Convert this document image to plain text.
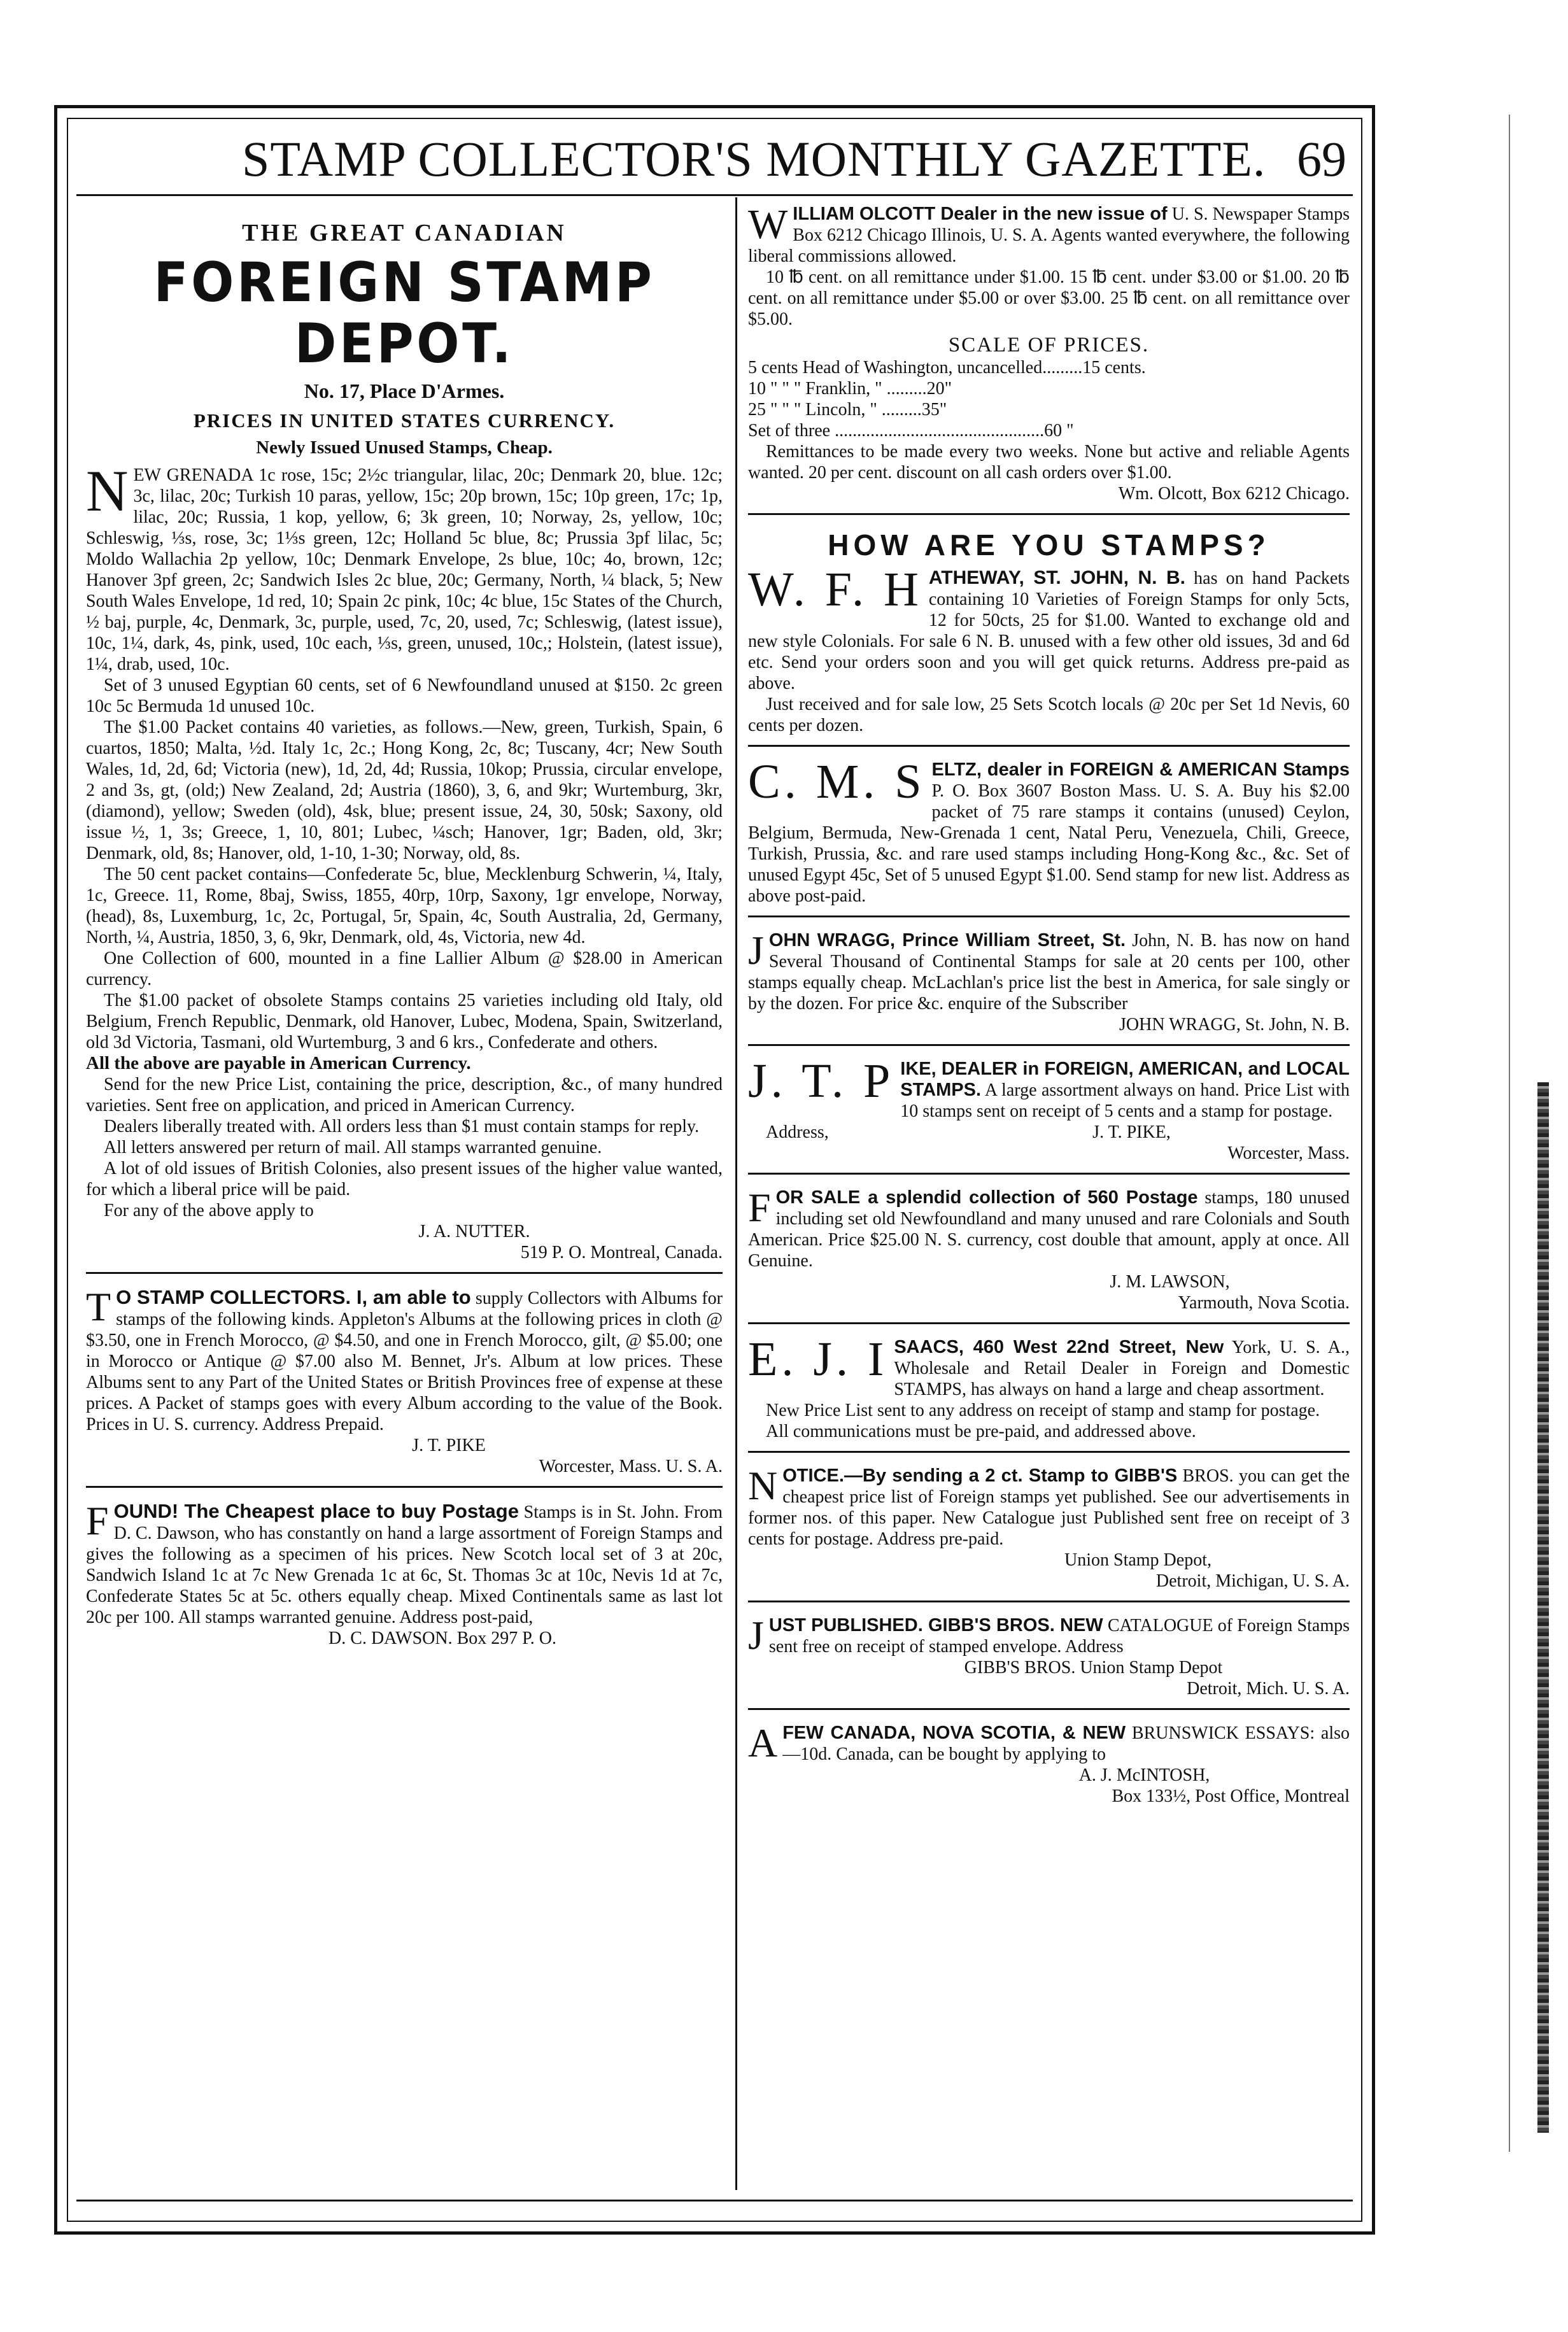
STAMP COLLECTOR'S MONTHLY GAZETTE. 69
THE GREAT CANADIAN
FOREIGN STAMP DEPOT.
No. 17, Place D'Armes.
PRICES IN UNITED STATES CURRENCY.
Newly Issued Unused Stamps, Cheap.

NEW GRENADA 1c rose, 15c; 2½c triangular, lilac, 20c; Denmark 20, blue. 12c; 3c, lilac, 20c; Turkish 10 paras, yellow, 15c; 20p brown, 15c; 10p green, 17c; 1p, lilac, 20c; Russia, 1 kop, yellow, 6; 3k green, 10; Norway, 2s, yellow, 10c; Schleswig, ⅓s, rose, 3c; 1⅓s green, 12c; Holland 5c blue, 8c; Prussia 3pf lilac, 5c; Moldo Wallachia 2p yellow, 10c; Denmark Envelope, 2s blue, 10c; 4o, brown, 12c; Hanover 3pf green, 2c; Sandwich Isles 2c blue, 20c; Germany, North, ¼ black, 5; New South Wales Envelope, 1d red, 10; Spain 2c pink, 10c; 4c blue, 15c States of the Church, ½ baj, purple, 4c, Denmark, 3c, purple, used, 7c, 20, used, 7c; Schleswig, (latest issue), 10c, 1¼, dark, 4s, pink, used, 10c each, ⅓s, green, unused, 10c,; Holstein, (latest issue), 1¼, drab, used, 10c.

Set of 3 unused Egyptian 60 cents, set of 6 Newfoundland unused at $150. 2c green 10c 5c Bermuda 1d unused 10c.

The $1.00 Packet contains 40 varieties, as follows.—New, green, Turkish, Spain, 6 cuartos, 1850; Malta, ½d. Italy 1c, 2c.; Hong Kong, 2c, 8c; Tuscany, 4cr; New South Wales, 1d, 2d, 6d; Victoria (new), 1d, 2d, 4d; Russia, 10kop; Prussia, circular envelope, 2 and 3s, gt, (old;) New Zealand, 2d; Austria (1860), 3, 6, and 9kr; Wurtemburg, 3kr, (diamond), yellow; Sweden (old), 4sk, blue; present issue, 24, 30, 50sk; Saxony, old issue ½, 1, 3s; Greece, 1, 10, 801; Lubec, ¼sch; Hanover, 1gr; Baden, old, 3kr; Denmark, old, 8s; Hanover, old, 1-10, 1-30; Norway, old, 8s.

The 50 cent packet contains—Confederate 5c, blue, Mecklenburg Schwerin, ¼, Italy, 1c, Greece. 11, Rome, 8baj, Swiss, 1855, 40rp, 10rp, Saxony, 1gr envelope, Norway, (head), 8s, Luxemburg, 1c, 2c, Portugal, 5r, Spain, 4c, South Australia, 2d, Germany, North, ¼, Austria, 1850, 3, 6, 9kr, Denmark, old, 4s, Victoria, new 4d.

One Collection of 600, mounted in a fine Lallier Album @ $28.00 in American currency.

The $1.00 packet of obsolete Stamps contains 25 varieties including old Italy, old Belgium, French Republic, Denmark, old Hanover, Lubec, Modena, Spain, Switzerland, old 3d Victoria, Tasmani, old Wurtemburg, 3 and 6 krs., Confederate and others.

All the above are payable in American Currency.

Send for the new Price List, containing the price, description, &c., of many hundred varieties. Sent free on application, and priced in American Currency.

Dealers liberally treated with. All orders less than $1 must contain stamps for reply.

All letters answered per return of mail. All stamps warranted genuine.

A lot of old issues of British Colonies, also present issues of the higher value wanted, for which a liberal price will be paid.

For any of the above apply to

J. A. NUTTER.

519 P. O. Montreal, Canada.

T O STAMP COLLECTORS. I, am able to supply Collectors with Albums for stamps of the following kinds. Appleton's Albums at the following prices in cloth @ $3.50, one in French Morocco, @ $4.50, and one in French Morocco, gilt, @ $5.00; one in Morocco or Antique @ $7.00 also M. Bennet, Jr's. Album at low prices. These Albums sent to any Part of the United States or British Provinces free of expense at these prices. A Packet of stamps goes with every Album according to the value of the Book. Prices in U. S. currency. Address Prepaid.

J. T. PIKE

Worcester, Mass. U. S. A.

FOUND! The Cheapest place to buy Postage Stamps is in St. John. From D. C. Dawson, who has constantly on hand a large assortment of Foreign Stamps and gives the following as a specimen of his prices. New Scotch local set of 3 at 20c, Sandwich Island 1c at 7c New Grenada 1c at 6c, St. Thomas 3c at 10c, Nevis 1d at 7c, Confederate States 5c at 5c. others equally cheap. Mixed Continentals same as last lot 20c per 100. All stamps warranted genuine. Address post-paid,

D. C. DAWSON. Box 297 P. O.

WILLIAM OLCOTT Dealer in the new issue of U. S. Newspaper Stamps Box 6212 Chicago Illinois, U. S. A. Agents wanted everywhere, the following liberal commissions allowed.

10 ℔ cent. on all remittance under $1.00. 15 ℔ cent. under $3.00 or $1.00. 20 ℔ cent. on all remittance under $5.00 or over $3.00. 25 ℔ cent. on all remittance over $5.00.

SCALE OF PRICES.
5 cents Head of Washington, uncancelled.........15 cents.
10 " " " Franklin, " .........20"
25 " " " Lincoln, " .........35"
Set of three ...............................................60 "

Remittances to be made every two weeks. None but active and reliable Agents wanted. 20 per cent. discount on all cash orders over $1.00.

Wm. Olcott, Box 6212 Chicago.

HOW ARE YOU STAMPS?

W. F. H ATHEWAY, ST. JOHN, N. B. has on hand Packets containing 10 Varieties of Foreign Stamps for only 5cts, 12 for 50cts, 25 for $1.00. Wanted to exchange old and new style Colonials. For sale 6 N. B. unused with a few other old issues, 3d and 6d etc. Send your orders soon and you will get quick returns. Address pre-paid as above.

Just received and for sale low, 25 Sets Scotch locals @ 20c per Set 1d Nevis, 60 cents per dozen.

C. M. S ELTZ, dealer in FOREIGN & AMERICAN Stamps P. O. Box 3607 Boston Mass. U. S. A. Buy his $2.00 packet of 75 rare stamps it contains (unused) Ceylon, Belgium, Bermuda, New-Grenada 1 cent, Natal Peru, Venezuela, Chili, Greece, Turkish, Prussia, &c. and rare used stamps including Hong-Kong &c., &c. Set of unused Egypt 45c, Set of 5 unused Egypt $1.00. Send stamp for new list. Address as above post-paid.

JOHN WRAGG, Prince William Street, St. John, N. B. has now on hand Several Thousand of Continental Stamps for sale at 20 cents per 100, other stamps equally cheap. McLachlan's price list the best in America, for sale singly or by the dozen. For price &c. enquire of the Subscriber

JOHN WRAGG, St. John, N. B.

J. T. P IKE, DEALER in FOREIGN, AMERICAN, and LOCAL STAMPS. A large assortment always on hand. Price List with 10 stamps sent on receipt of 5 cents and a stamp for postage.

Address,	J. T. PIKE,

Worcester, Mass.

FOR SALE a splendid collection of 560 Postage stamps, 180 unused including set old Newfoundland and many unused and rare Colonials and South American. Price $25.00 N. S. currency, cost double that amount, apply at once. All Genuine.

J. M. LAWSON,

Yarmouth, Nova Scotia.

E. J. I SAACS, 460 West 22nd Street, New York, U. S. A., Wholesale and Retail Dealer in Foreign and Domestic STAMPS, has always on hand a large and cheap assortment.

New Price List sent to any address on receipt of stamp and stamp for postage.

All communications must be pre-paid, and addressed above.

NOTICE.—By sending a 2 ct. Stamp to GIBB'S BROS. you can get the cheapest price list of Foreign stamps yet published. See our advertisements in former nos. of this paper. New Catalogue just Published sent free on receipt of 3 cents for postage. Address pre-paid.

Union Stamp Depot,

Detroit, Michigan, U. S. A.

JUST PUBLISHED. GIBB'S BROS. NEW CATALOGUE of Foreign Stamps sent free on receipt of stamped envelope. Address

GIBB'S BROS. Union Stamp Depot

Detroit, Mich. U. S. A.

AFEW CANADA, NOVA SCOTIA, & NEW BRUNSWICK ESSAYS: also—10d. Canada, can be bought by applying to

A. J. McINTOSH,

Box 133½, Post Office, Montreal
